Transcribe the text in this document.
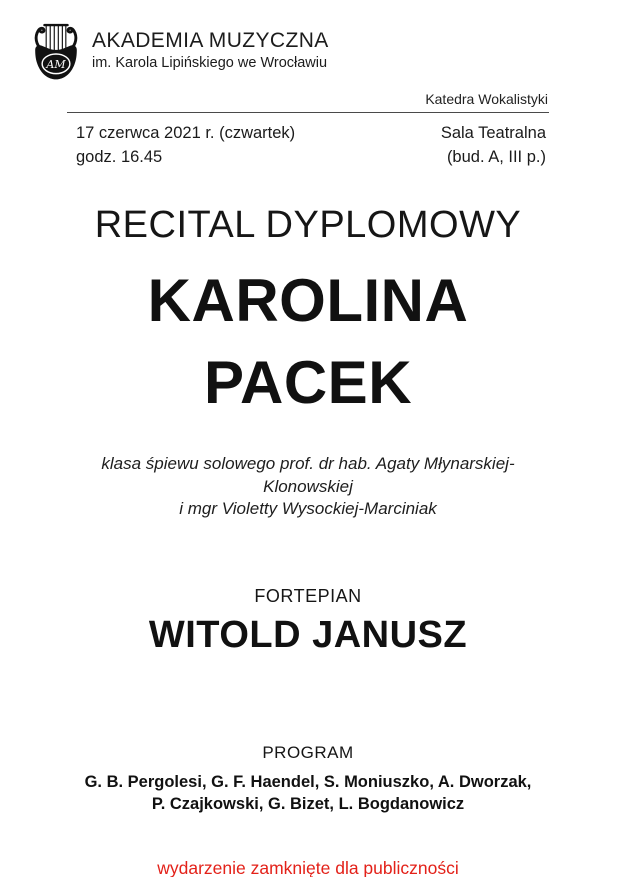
AM
AKADEMIA MUZYCZNA
im. Karola Lipińskiego we Wrocławiu
Katedra Wokalistyki
17 czerwca 2021 r. (czwartek)
godz. 16.45
Sala Teatralna
(bud. A, III p.)
RECITAL DYPLOMOWY
KAROLINA
PACEK
klasa śpiewu solowego prof. dr hab. Agaty Młynarskiej-Klonowskiej
i mgr Violetty Wysockiej-Marciniak
FORTEPIAN
WITOLD JANUSZ
PROGRAM
G. B. Pergolesi, G. F. Haendel, S. Moniuszko, A. Dworzak,
P. Czajkowski, G. Bizet, L. Bogdanowicz
wydarzenie zamknięte dla publiczności
